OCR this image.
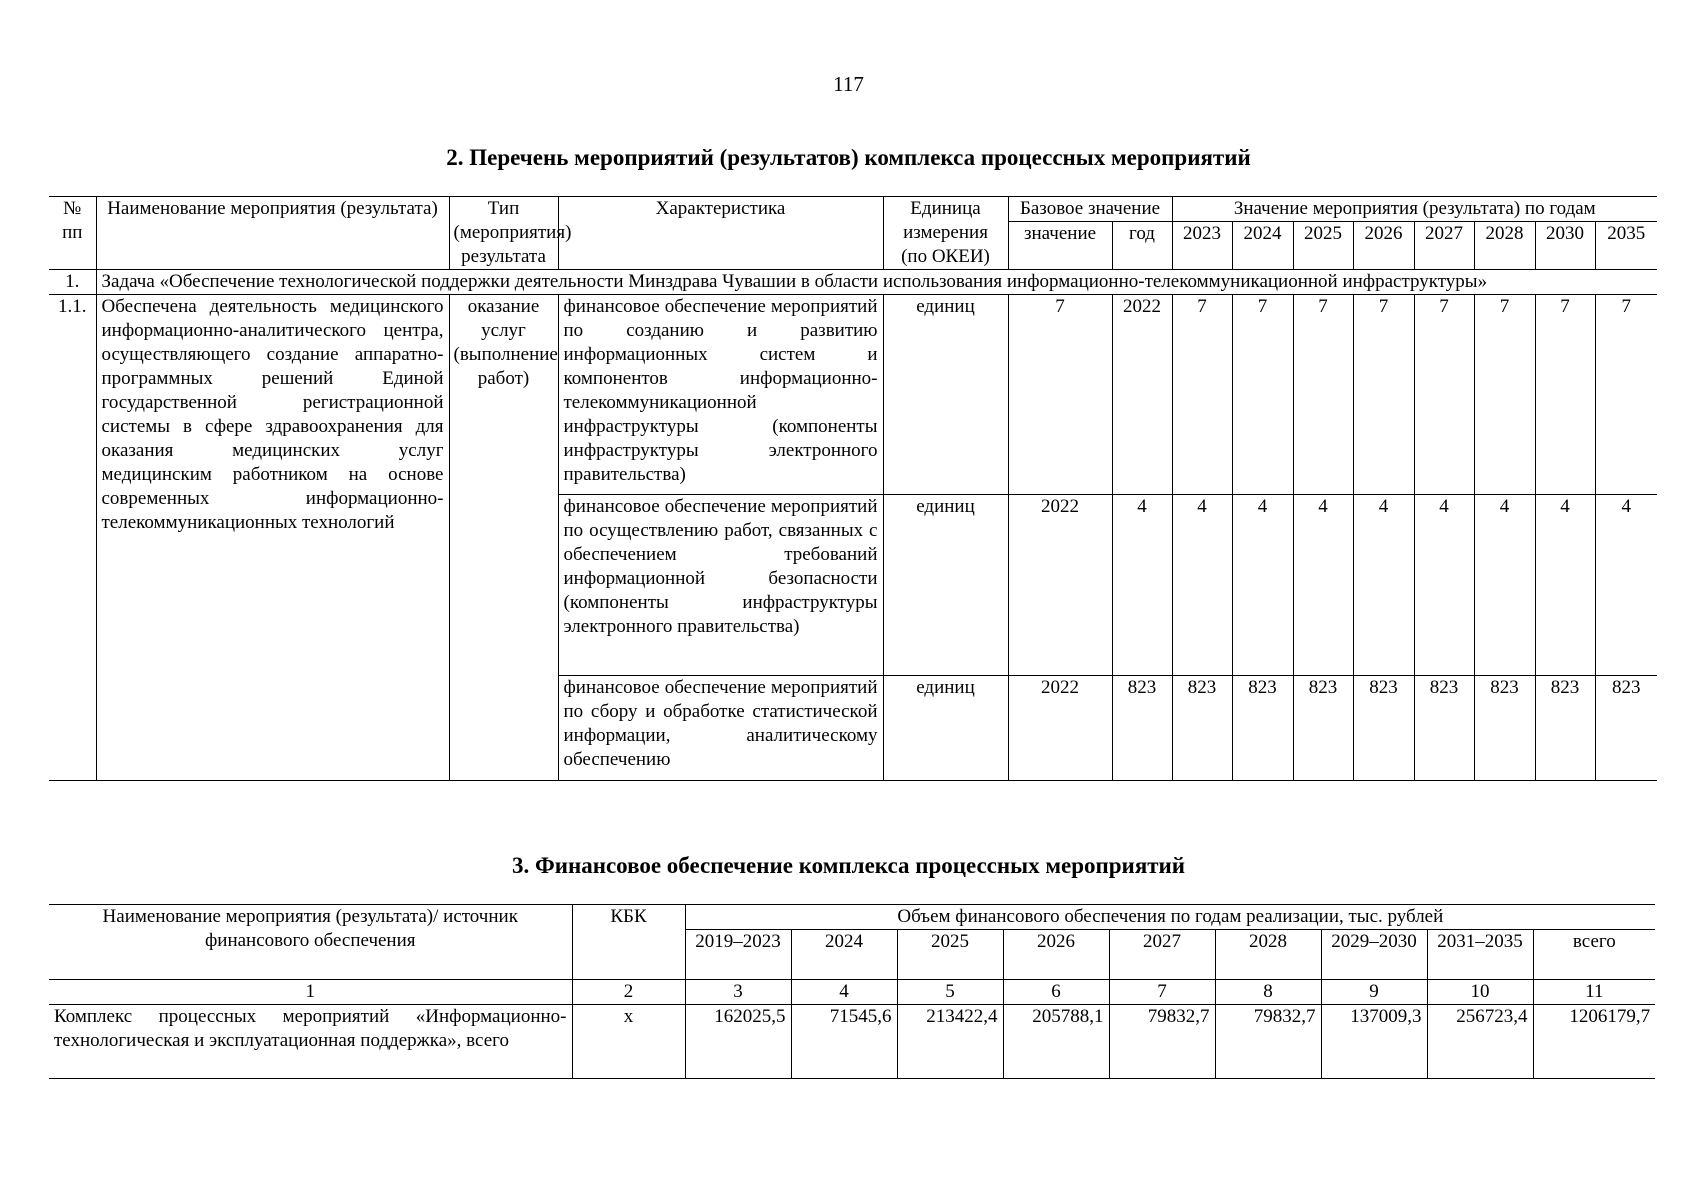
117
2. Перечень мероприятий (результатов) комплекса процессных мероприятий
№ пп	Наименование мероприятия (результата)	Тип (мероприятия) результата	Характеристика	Единица измерения (по ОКЕИ)	Базовое значение		Значение мероприятия (результата) по годам							
					значение	год	2023	2024	2025	2026	2027	2028	2030	2035
1.	Задача «Обеспечение технологической поддержки деятельности Минздрава Чувашии в области использования информационно-телекоммуникационной инфраструктуры»													
1.1.	Обеспечена деятельность медицинского информационно-аналитического центра, осуществляющего создание аппаратно-программных решений Единой государственной регистрационной системы в сфере здравоохранения для оказания медицинских услуг медицинским работником на основе современных информационно-телекоммуникационных технологий	оказание услуг (выполнение работ)	финансовое обеспечение мероприятий по созданию и развитию информационных систем и компонентов информационно-телекоммуникационной инфраструктуры (компоненты инфраструктуры электронного правительства)	единиц	7	2022	7	7	7	7	7	7	7	7
			финансовое обеспечение мероприятий по осуществлению работ, связанных с обеспечением требований информационной безопасности (компоненты инфраструктуры электронного правительства)	единиц	2022	4	4	4	4	4	4	4	4	4
			финансовое обеспечение мероприятий по сбору и обработке статистической информации, аналитическому обеспечению	единиц	2022	823	823	823	823	823	823	823	823	823
3. Финансовое обеспечение комплекса процессных мероприятий
Наименование мероприятия (результата)/ источник финансового обеспечения	КБК	Объем финансового обеспечения по годам реализации, тыс. рублей								
		2019–2023	2024	2025	2026	2027	2028	2029–2030	2031–2035	всего
1	2	3	4	5	6	7	8	9	10	11
Комплекс процессных мероприятий «Информационно-технологическая и эксплуатационная поддержка», всего	х	162025,5	71545,6	213422,4	205788,1	79832,7	79832,7	137009,3	256723,4	1206179,7
